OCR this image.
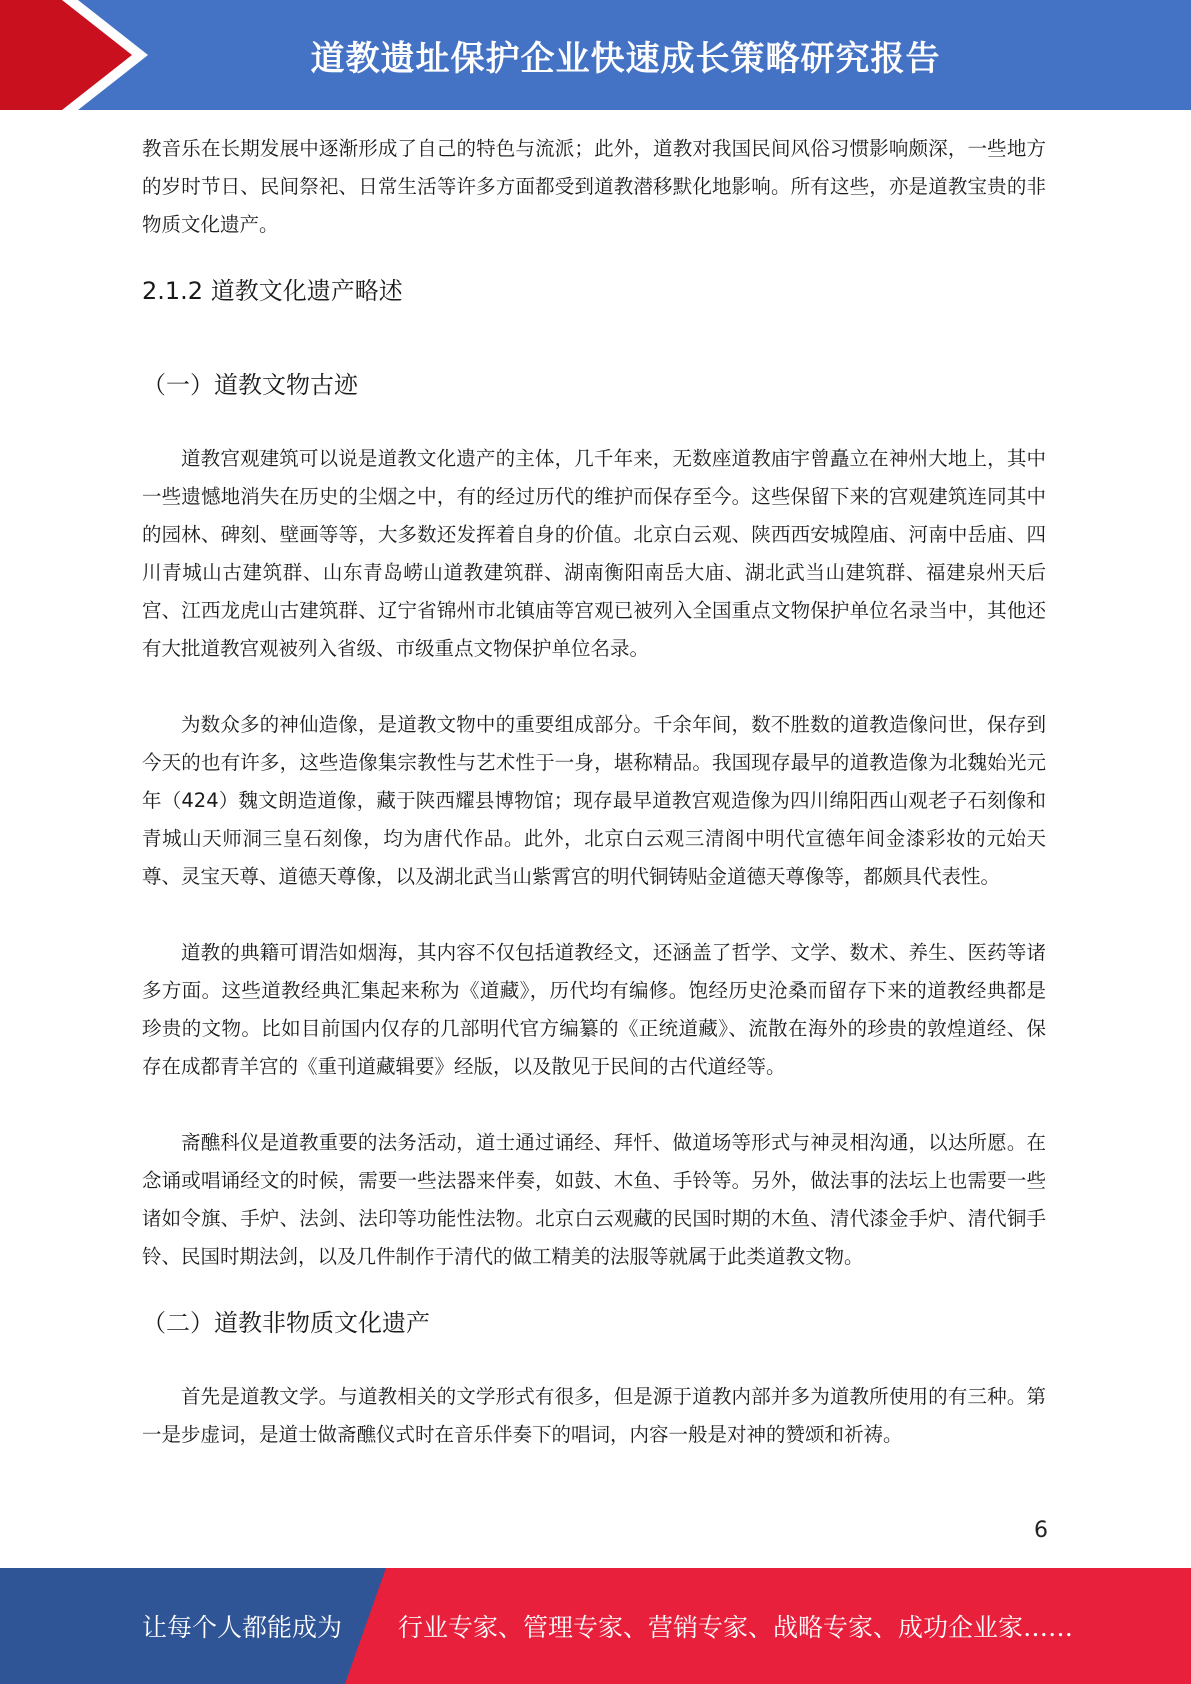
道教遗址保护企业快速成长策略研究报告

教音乐在长期发展中逐渐形成了自己的特色与流派；此外，道教对我国民间风俗习惯影响颇深，一些地方的岁时节日、民间祭祀、日常生活等许多方面都受到道教潜移默化地影响。所有这些，亦是道教宝贵的非物质文化遗产。

2.1.2 道教文化遗产略述
（一）道教文物古迹

道教宫观建筑可以说是道教文化遗产的主体，几千年来，无数座道教庙宇曾矗立在神州大地上，其中一些遗憾地消失在历史的尘烟之中，有的经过历代的维护而保存至今。这些保留下来的宫观建筑连同其中的园林、碑刻、壁画等等，大多数还发挥着自身的价值。北京白云观、陕西西安城隍庙、河南中岳庙、四川青城山古建筑群、山东青岛崂山道教建筑群、湖南衡阳南岳大庙、湖北武当山建筑群、福建泉州天后宫、江西龙虎山古建筑群、辽宁省锦州市北镇庙等宫观已被列入全国重点文物保护单位名录当中，其他还有大批道教宫观被列入省级、市级重点文物保护单位名录。

为数众多的神仙造像，是道教文物中的重要组成部分。千余年间，数不胜数的道教造像问世，保存到今天的也有许多，这些造像集宗教性与艺术性于一身，堪称精品。我国现存最早的道教造像为北魏始光元年（424）魏文朗造道像，藏于陕西耀县博物馆；现存最早道教宫观造像为四川绵阳西山观老子石刻像和青城山天师洞三皇石刻像，均为唐代作品。此外，北京白云观三清阁中明代宣德年间金漆彩妆的元始天尊、灵宝天尊、道德天尊像，以及湖北武当山紫霄宫的明代铜铸贴金道德天尊像等，都颇具代表性。

道教的典籍可谓浩如烟海，其内容不仅包括道教经文，还涵盖了哲学、文学、数术、养生、医药等诸多方面。这些道教经典汇集起来称为《道藏》，历代均有编修。饱经历史沧桑而留存下来的道教经典都是珍贵的文物。比如目前国内仅存的几部明代官方编纂的《正统道藏》、流散在海外的珍贵的敦煌道经、保存在成都青羊宫的《重刊道藏辑要》经版，以及散见于民间的古代道经等。

斋醮科仪是道教重要的法务活动，道士通过诵经、拜忏、做道场等形式与神灵相沟通，以达所愿。在念诵或唱诵经文的时候，需要一些法器来伴奏，如鼓、木鱼、手铃等。另外，做法事的法坛上也需要一些诸如令旗、手炉、法剑、法印等功能性法物。北京白云观藏的民国时期的木鱼、清代漆金手炉、清代铜手铃、民国时期法剑，以及几件制作于清代的做工精美的法服等就属于此类道教文物。

（二）道教非物质文化遗产

首先是道教文学。与道教相关的文学形式有很多，但是源于道教内部并多为道教所使用的有三种。第一是步虚词，是道士做斋醮仪式时在音乐伴奏下的唱词，内容一般是对神的赞颂和祈祷。

6
让每个人都能成为 行业专家、管理专家、营销专家、战略专家、成功企业家……
